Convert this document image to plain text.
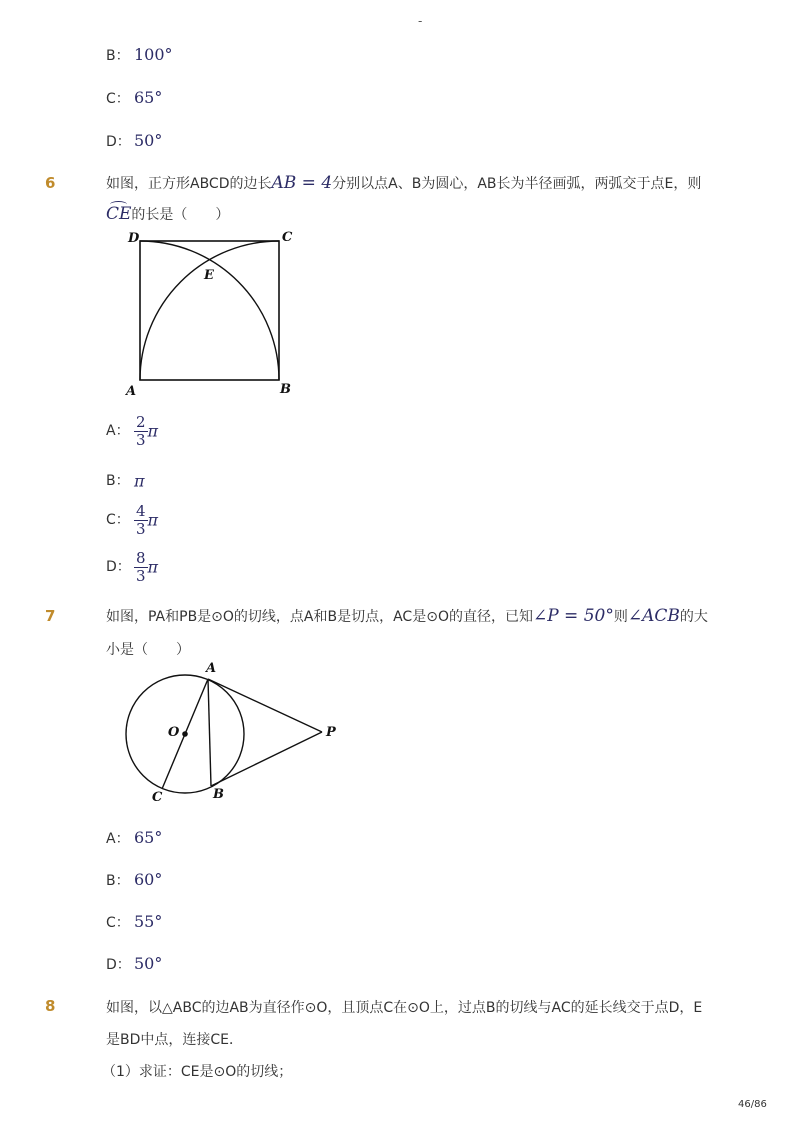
-
B： 100°
C： 65°
D： 50°
6	如图，正方形ABCD的边长AB = 4分别以点A、B为圆心，AB长为半径画弧，两弧交于点E，则
CE的长是（　　）
D	C
E
A	B
A： $\frac{2}{3}$ π
B： π
C： $\frac{4}{3}$ π
D： $\frac{8}{3}$ π
7	如图，PA和PB是⊙O的切线，点A和B是切点，AC是⊙O的直径，已知∠P = 50°则∠ACB的大
小是（　　）
A
O	P
C	B
A： 65°
B： 60°
C： 55°
D： 50°
8	如图，以△ABC的边AB为直径作⊙O，且顶点C在⊙O上，过点B的切线与AC的延长线交于点D，E
是BD中点，连接CE．
（1）求证：CE是⊙O的切线；
46/86
